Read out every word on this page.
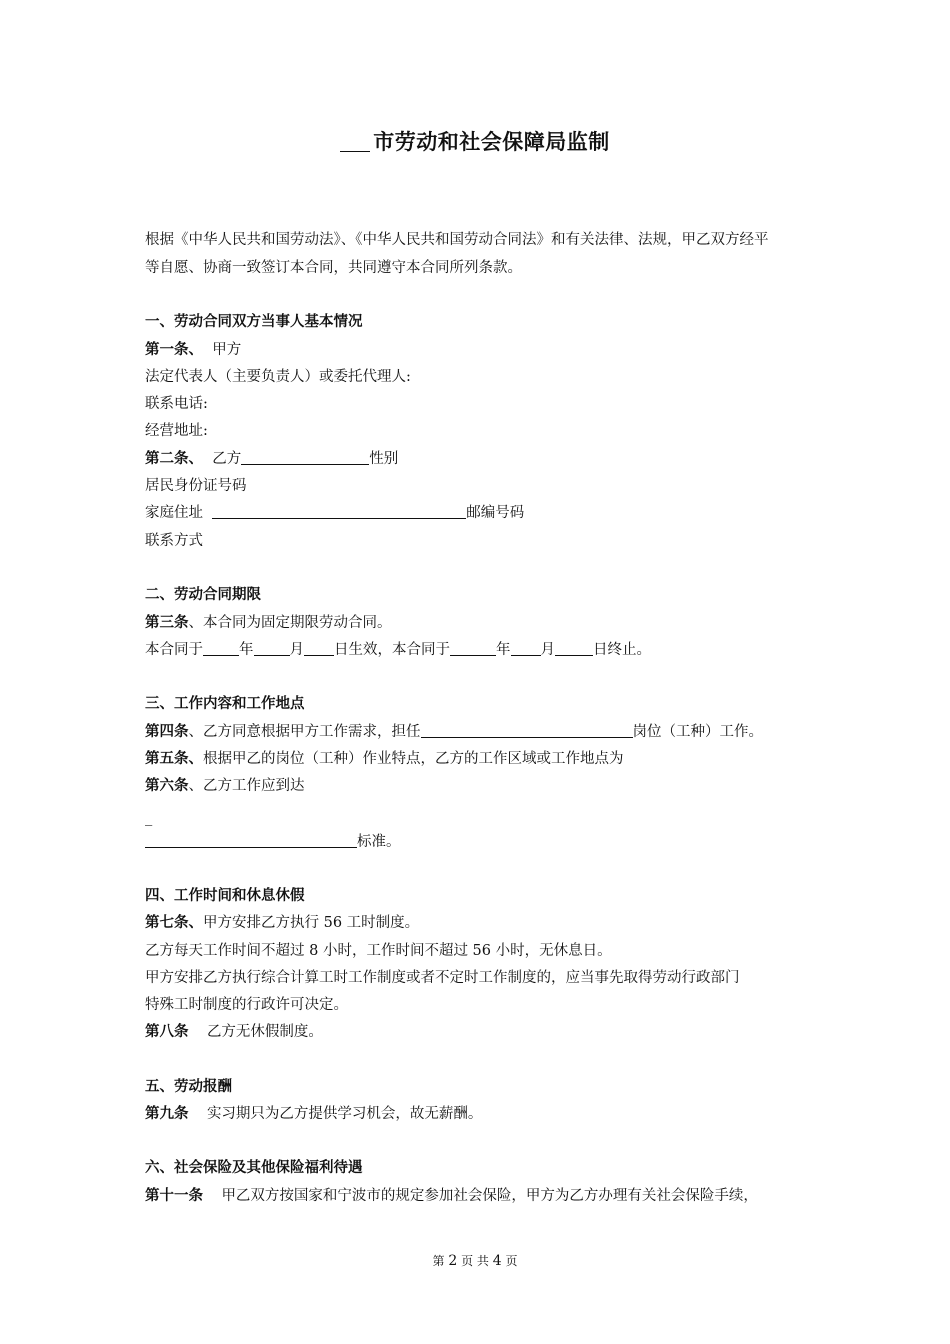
市劳动和社会保障局监制
根据《中华人民共和国劳动法》、《中华人民共和国劳动合同法》和有关法律、法规，甲乙双方经平
等自愿、协商一致签订本合同，共同遵守本合同所列条款。
一、劳动合同双方当事人基本情况
第一条、 甲方
法定代表人（主要负责人）或委托代理人:
联系电话:
经营地址:
第二条、 乙方	性别
居民身份证号码
家庭住址	邮编号码
联系方式
二、劳动合同期限
第三条、本合同为固定期限劳动合同。
本合同于 年 月 日生效，本合同于	年 月	日终止。
三、工作内容和工作地点
第四条、乙方同意根据甲方工作需求，担任	岗位（工种）工作。
第五条、根据甲乙的岗位（工种）作业特点，乙方的工作区域或工作地点为
第六条、乙方工作应到达
_
标准。
四、工作时间和休息休假
第七条、甲方安排乙方执行 56 工时制度。
乙方每天工作时间不超过 8 小时，工作时间不超过 56 小时，无休息日。
甲方安排乙方执行综合计算工时工作制度或者不定时工作制度的，应当事先取得劳动行政部门
特殊工时制度的行政许可决定。
第八条 乙方无休假制度。
五、劳动报酬
第九条 实习期只为乙方提供学习机会，故无薪酬。
六、社会保险及其他保险福利待遇
第十一条 甲乙双方按国家和宁波市的规定参加社会保险，甲方为乙方办理有关社会保险手续，
第 2 页 共 4 页
